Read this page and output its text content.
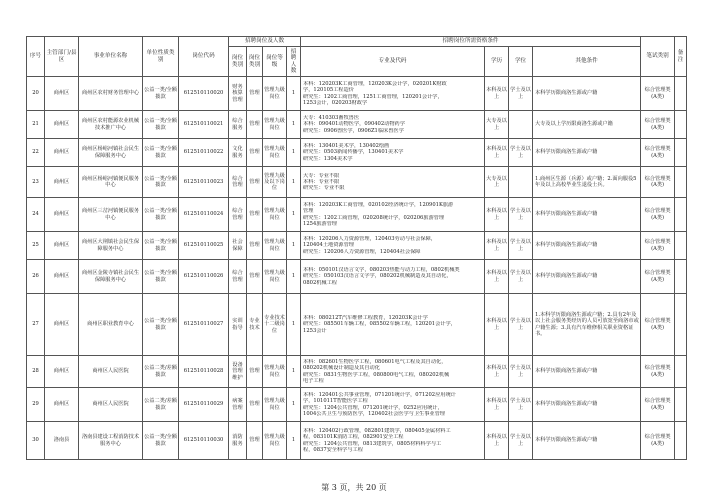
序号	主管部门/县区	事业单位名称	单位性质类别	岗位代码	招聘岗位及人数				招聘岗位所需资格条件				笔试类别	备注
					岗位类别	岗位类别	岗位等级	招聘人数	专业及代码	学历	学位	其他条件		
20	商州区	商州区农村财务管理中心	公益一类/全额拨款	612510110020	财务核算管理	管理	管理九级岗位	1	本科：120203K工商管理，120203K会计学，020201K财政
学，120105工程造价
研究生：1202工商管理，1251工商管理，120201会计学，
1253会计，020203财政学	本科及以上	学士及以上	本科学历限商洛生源或户籍	综合管理类(A类)	
21	商州区	商州区农村能源农业机械技术推广中心	公益一类/全额拨款	612510110021	综合服务	管理	管理九级岗位	1	大专：410303畜牧兽医
本科：090401动物医学，090402动物药学
研究生：0906兽医学，0906Z1临床兽医学	大专及以上		大专及以上学历限商洛生源或户籍	综合管理类(A类)	
22	商州区	商州区杨峪河镇社会民生保障服务中心	公益一类/全额拨款	612510110022	文化服务	管理	管理九级岗位	1	本科：130401美术学，130402绘画
研究生：0503新闻传播学，130401美术学
研究生：1304美术学	本科及以上	学士及以上	本科学历限商洛生源或户籍	综合管理类(A类)	
23	商州区	商州区杨峪河镇便民服务中心	公益一类/全额拨款	612510110023	综合管理	管理	管理九级及以下岗位	1	大专：专业不限
本科：专业不限
研究生：专业不限	大专及以上		1.商州区生源（兵源）或户籍；2.面向服役5年及以上高校毕业生退役士兵。	综合管理类(A类)	
24	商州区	商州区三岔河镇便民服务中心	公益一类/全额拨款	612510110024	综合管理	管理	管理九级岗位	1	本科：120203K工商管理，020102经济统计学，120901K旅游
管理
研究生：1202工商管理，020208统计学，020206旅游管理
1254旅游管理	本科及以上	学士及以上	本科学历限商洛生源或户籍	综合管理类(A类)	
25	商州区	商州区大荆镇社会民生保障服务中心	公益一类/全额拨款	612510110025	社会保障	管理	管理九级岗位	1	本科：120206人力资源管理，120403劳动与社会保障，
120404土地资源管理
研究生：120206人力资源管理，120404社会保障	本科及以上	学士及以上	本科学历限商洛生源或户籍	综合管理类(A类)	
26	商州区	商州区金陵寺镇社会民生保障服务中心	公益一类/全额拨款	612510110026	综合管理	管理	管理九级岗位	1	本科：050101汉语言文学，080203热能与动力工程，0802机械类
研究生：050103汉语言文字学，080202机械制造及其自动化，
0802机械工程	本科及以上	学士及以上	本科学历限商洛生源或户籍	综合管理类(A类)	
27	商州区	商州区职业教育中心	公益一类/全额拨款	612510110027	实训指导	专业技术	专业技术十二级岗位	1	本科：080212T汽车维修工程教育，120203K会计学
研究生：085501车辆工程，085502车辆工程，120201会计学，
1253会计	本科及以上	学士及以上	1.本科学历限商洛生源或户籍；2.具有2年及以上社会服务类经历的人员可放宽至商洛市或户籍生源；3.具有汽车维修相关职业资格证书。	综合管理类(A类)	
28	商州区	商州区人民医院	公益二类/差额拨款	612510110028	设备管理维护	管理	管理九级岗位	1	本科：082601生物医学工程，080601电气工程及其自动化，
080202机械设计制造及其自动化
研究生：0831生物医学工程，080800电气工程，080202机械
电子工程	本科及以上	学士及以上	本科学历限商洛生源或户籍	综合管理类(A类)	
29	商州区	商州区人民医院	公益二类/差额拨款	612510110029	病案管理	管理	管理九级岗位	1	本科：120401公共事业管理，071201统计学，071202应用统计
学，101011T智能医学工程
研究生：1204公共管理，071201统计学，0252应用统计，
1004公共卫生与预防医学，120402社会医学与卫生事业管理	本科及以上	学士及以上	本科学历限商洛生源或户籍	综合管理类(A类)	
30	洛南县	洛南县建设工程消防技术服务中心	公益一类/全额拨款	612510110030	消防服务	管理	管理九级岗位	1	本科：120402行政管理，082801建筑学，080405金属材料工
程，083101K消防工程，082901安全工程
研究生：1204公共管理，0813建筑学，0805材料科学与工
程，0837安全科学与工程	本科及以上	学士及以上	本科学历限商洛生源或户籍	综合管理类(A类)	
第 3 页，共 20 页
